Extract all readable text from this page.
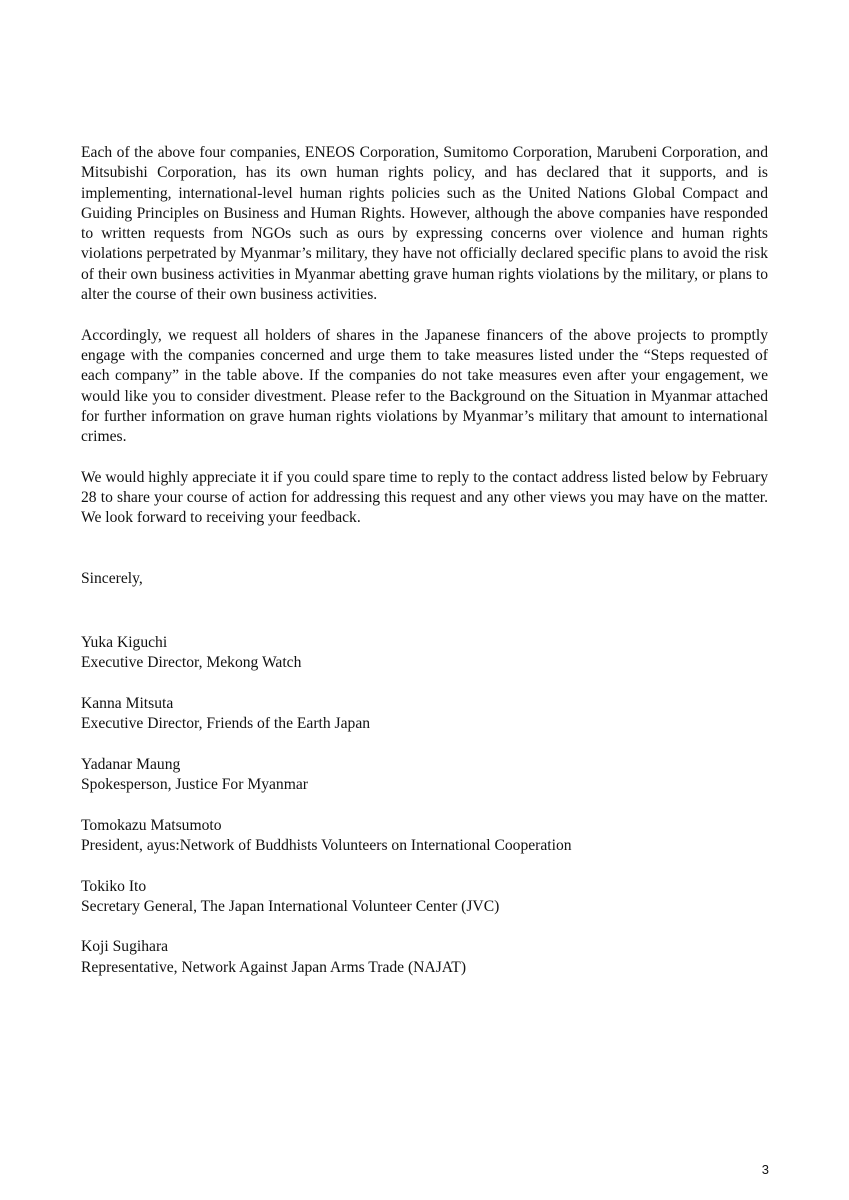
Each of the above four companies, ENEOS Corporation, Sumitomo Corporation, Marubeni Corporation, and Mitsubishi Corporation, has its own human rights policy, and has declared that it supports, and is implementing, international-level human rights policies such as the United Nations Global Compact and Guiding Principles on Business and Human Rights. However, although the above companies have responded to written requests from NGOs such as ours by expressing concerns over violence and human rights violations perpetrated by Myanmar’s military, they have not officially declared specific plans to avoid the risk of their own business activities in Myanmar abetting grave human rights violations by the military, or plans to alter the course of their own business activities.

Accordingly, we request all holders of shares in the Japanese financers of the above projects to promptly engage with the companies concerned and urge them to take measures listed under the “Steps requested of each company” in the table above. If the companies do not take measures even after your engagement, we would like you to consider divestment. Please refer to the Background on the Situation in Myanmar attached for further information on grave human rights violations by Myanmar’s military that amount to international crimes.

We would highly appreciate it if you could spare time to reply to the contact address listed below by February 28 to share your course of action for addressing this request and any other views you may have on the matter. We look forward to receiving your feedback.

Sincerely,

Yuka Kiguchi
Executive Director, Mekong Watch
Kanna Mitsuta
Executive Director, Friends of the Earth Japan
Yadanar Maung
Spokesperson, Justice For Myanmar
Tomokazu Matsumoto
President, ayus:Network of Buddhists Volunteers on International Cooperation
Tokiko Ito
Secretary General, The Japan International Volunteer Center (JVC)
Koji Sugihara
Representative, Network Against Japan Arms Trade (NAJAT)
3
